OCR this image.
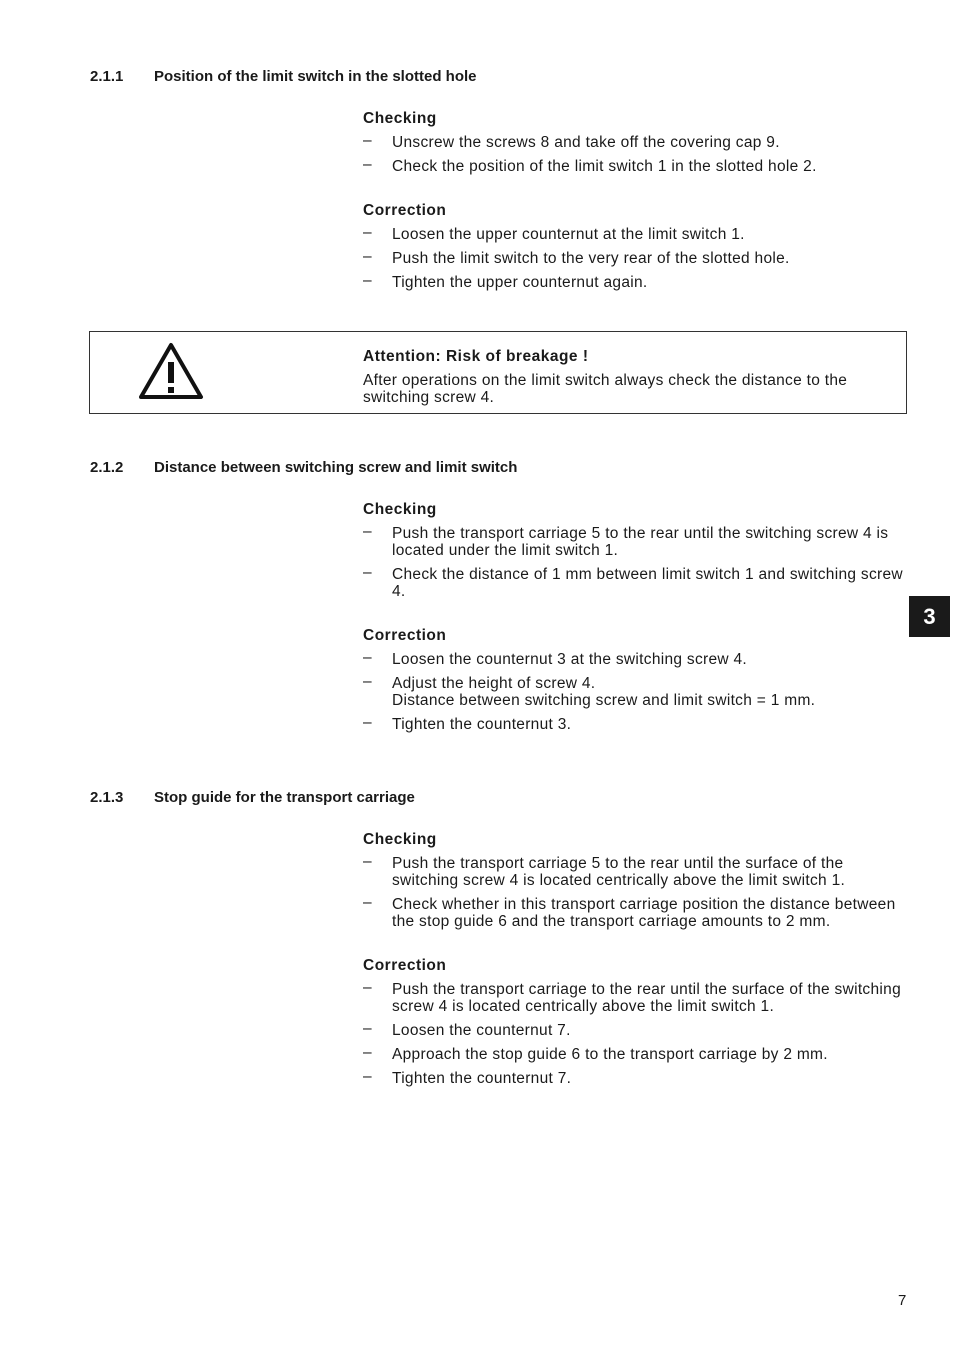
2.1.1 Position of the limit switch in the slotted hole
Checking
– Unscrew the screws 8 and take off the covering cap 9.
– Check the position of the limit switch 1 in the slotted hole 2.
Correction
– Loosen the upper counternut at the limit switch 1.
– Push the limit switch to the very rear of the slotted hole.
– Tighten the upper counternut again.
Attention: Risk of breakage !
After operations on the limit switch always check the distance to the switching screw 4.
2.1.2 Distance between switching screw and limit switch
Checking
– Push the transport carriage 5 to the rear until the switching screw 4 is located under the limit switch 1.
– Check the distance of 1 mm between limit switch 1 and switching screw 4.
Correction
– Loosen the counternut 3 at the switching screw 4.
– Adjust the height of screw 4.
Distance between switching screw and limit switch = 1 mm.
– Tighten the counternut 3.
3
2.1.3 Stop guide for the transport carriage
Checking
– Push the transport carriage 5 to the rear until the surface of the switching screw 4 is located centrically above the limit switch 1.
– Check whether in this transport carriage position the distance between the stop guide 6 and the transport carriage amounts to 2 mm.
Correction
– Push the transport carriage to the rear until the surface of the switching screw 4 is located centrically above the limit switch 1.
– Loosen the counternut 7.
– Approach the stop guide 6 to the transport carriage by 2 mm.
– Tighten the counternut 7.
7
